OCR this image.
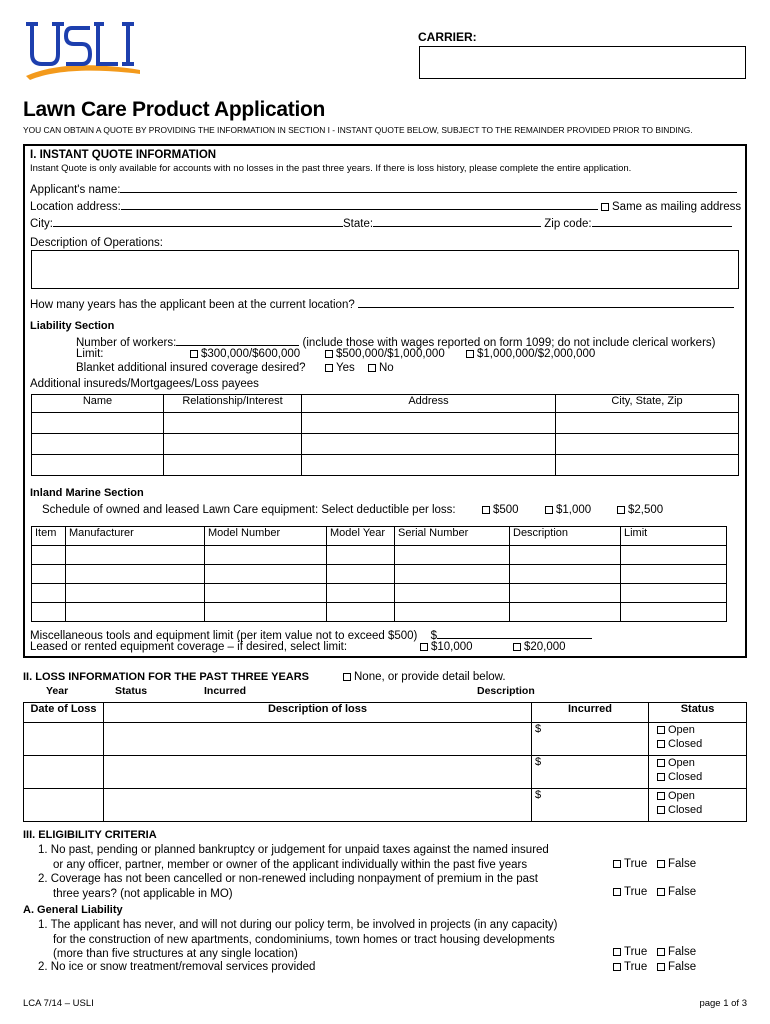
CARRIER:
Lawn Care Product Application
YOU CAN OBTAIN A QUOTE BY PROVIDING THE INFORMATION IN SECTION I - INSTANT QUOTE BELOW, SUBJECT TO THE REMAINDER PROVIDED PRIOR TO BINDING.
I. INSTANT QUOTE INFORMATION
Instant Quote is only available for accounts with no losses in the past three years. If there is loss history, please complete the entire application.
Applicant's name:
Location address:	Same as mailing address
City:	State:	Zip code:
Description of Operations:
How many years has the applicant been at the current location?
Liability Section
Number of workers:	(include those with wages reported on form 1099; do not include clerical workers)
Limit:	$300,000/$600,000	$500,000/$1,000,000	$1,000,000/$2,000,000
Blanket additional insured coverage desired?	Yes	No
Additional insureds/Mortgagees/Loss payees
Name	Relationship/Interest	Address	City, State, Zip

Inland Marine Section
Schedule of owned and leased Lawn Care equipment: Select deductible per loss:	$500	$1,000	$2,500
Item	Manufacturer	Model Number	Model Year	Serial Number	Description	Limit

Miscellaneous tools and equipment limit (per item value not to exceed $500) $
Leased or rented equipment coverage – if desired, select limit:	$10,000	$20,000
II. LOSS INFORMATION FOR THE PAST THREE YEARS	None, or provide detail below.
Year	Status	Incurred	Description
Date of Loss	Description of loss	Incurred	Status
		$	Open
Closed

		$	Open
Closed

		$	Open
Closed
III. ELIGIBILITY CRITERIA
1. No past, pending or planned bankruptcy or judgement for unpaid taxes against the named insured
or any officer, partner, member or owner of the applicant individually within the past five years	True	False
2. Coverage has not been cancelled or non-renewed including nonpayment of premium in the past
three years? (not applicable in MO)	True	False
A. General Liability
1. The applicant has never, and will not during our policy term, be involved in projects (in any capacity)
for the construction of new apartments, condominiums, town homes or tract housing developments
(more than five structures at any single location)	True	False
2. No ice or snow treatment/removal services provided	True	False
LCA 7/14 – USLI	page 1 of 3
